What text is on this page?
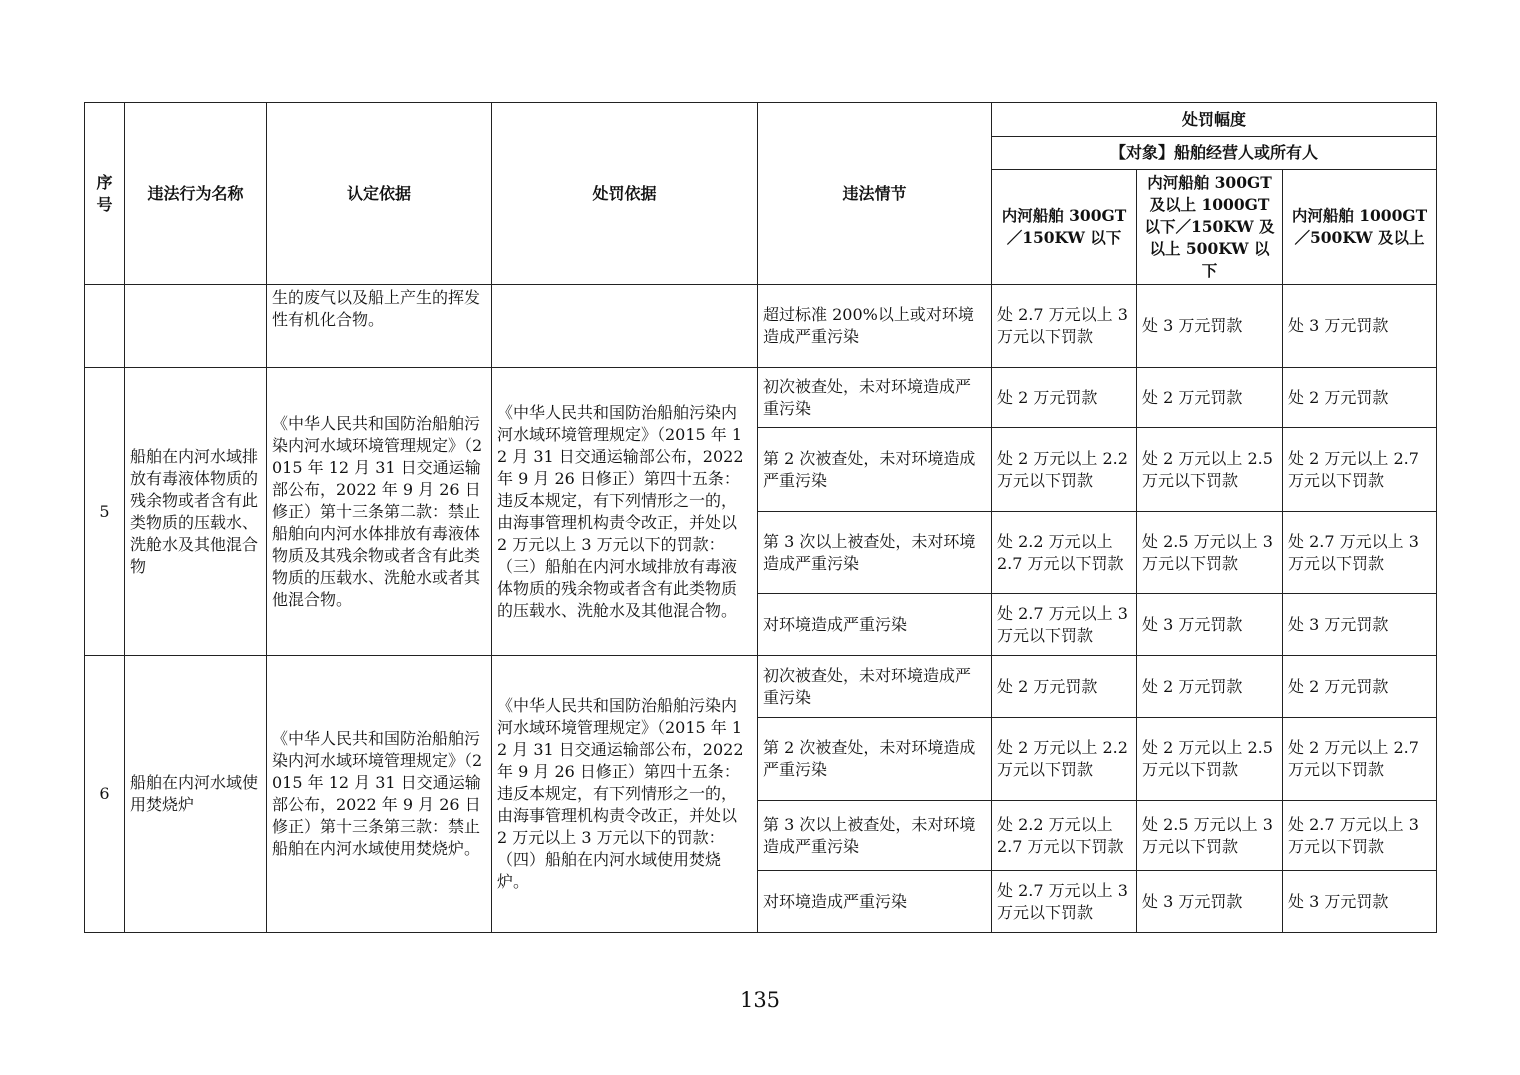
序号	违法行为名称	认定依据	处罚依据	违法情节	处罚幅度		
					【对象】船舶经营人或所有人		
					内河船舶 300GT／150KW 以下	内河船舶 300GT 及以上 1000GT 以下／150KW 及以上 500KW 以下	内河船舶 1000GT／500KW 及以上
		生的废气以及船上产生的挥发性有机化合物。		超过标准 200%以上或对环境造成严重污染	处 2.7 万元以上 3 万元以下罚款	处 3 万元罚款	处 3 万元罚款
5	船舶在内河水域排放有毒液体物质的残余物或者含有此类物质的压载水、洗舱水及其他混合物	《中华人民共和国防治船舶污染内河水域环境管理规定》（2015 年 12 月 31 日交通运输部公布，2022 年 9 月 26 日修正）第十三条第二款：禁止船舶向内河水体排放有毒液体物质及其残余物或者含有此类物质的压载水、洗舱水或者其他混合物。	《中华人民共和国防治船舶污染内河水域环境管理规定》（2015 年 12 月 31 日交通运输部公布，2022 年 9 月 26 日修正）第四十五条：违反本规定，有下列情形之一的，由海事管理机构责令改正，并处以 2 万元以上 3 万元以下的罚款：（三）船舶在内河水域排放有毒液体物质的残余物或者含有此类物质的压载水、洗舱水及其他混合物。	初次被查处，未对环境造成严重污染	处 2 万元罚款	处 2 万元罚款	处 2 万元罚款
				第 2 次被查处，未对环境造成严重污染	处 2 万元以上 2.2 万元以下罚款	处 2 万元以上 2.5 万元以下罚款	处 2 万元以上 2.7 万元以下罚款
				第 3 次以上被查处，未对环境造成严重污染	处 2.2 万元以上 2.7 万元以下罚款	处 2.5 万元以上 3 万元以下罚款	处 2.7 万元以上 3 万元以下罚款
				对环境造成严重污染	处 2.7 万元以上 3 万元以下罚款	处 3 万元罚款	处 3 万元罚款
6	船舶在内河水域使用焚烧炉	《中华人民共和国防治船舶污染内河水域环境管理规定》（2015 年 12 月 31 日交通运输部公布，2022 年 9 月 26 日修正）第十三条第三款：禁止船舶在内河水域使用焚烧炉。	《中华人民共和国防治船舶污染内河水域环境管理规定》（2015 年 12 月 31 日交通运输部公布，2022 年 9 月 26 日修正）第四十五条：违反本规定，有下列情形之一的，由海事管理机构责令改正，并处以 2 万元以上 3 万元以下的罚款：（四）船舶在内河水域使用焚烧炉。	初次被查处，未对环境造成严重污染	处 2 万元罚款	处 2 万元罚款	处 2 万元罚款
				第 2 次被查处，未对环境造成严重污染	处 2 万元以上 2.2 万元以下罚款	处 2 万元以上 2.5 万元以下罚款	处 2 万元以上 2.7 万元以下罚款
				第 3 次以上被查处，未对环境造成严重污染	处 2.2 万元以上 2.7 万元以下罚款	处 2.5 万元以上 3 万元以下罚款	处 2.7 万元以上 3 万元以下罚款
				对环境造成严重污染	处 2.7 万元以上 3 万元以下罚款	处 3 万元罚款	处 3 万元罚款
135
